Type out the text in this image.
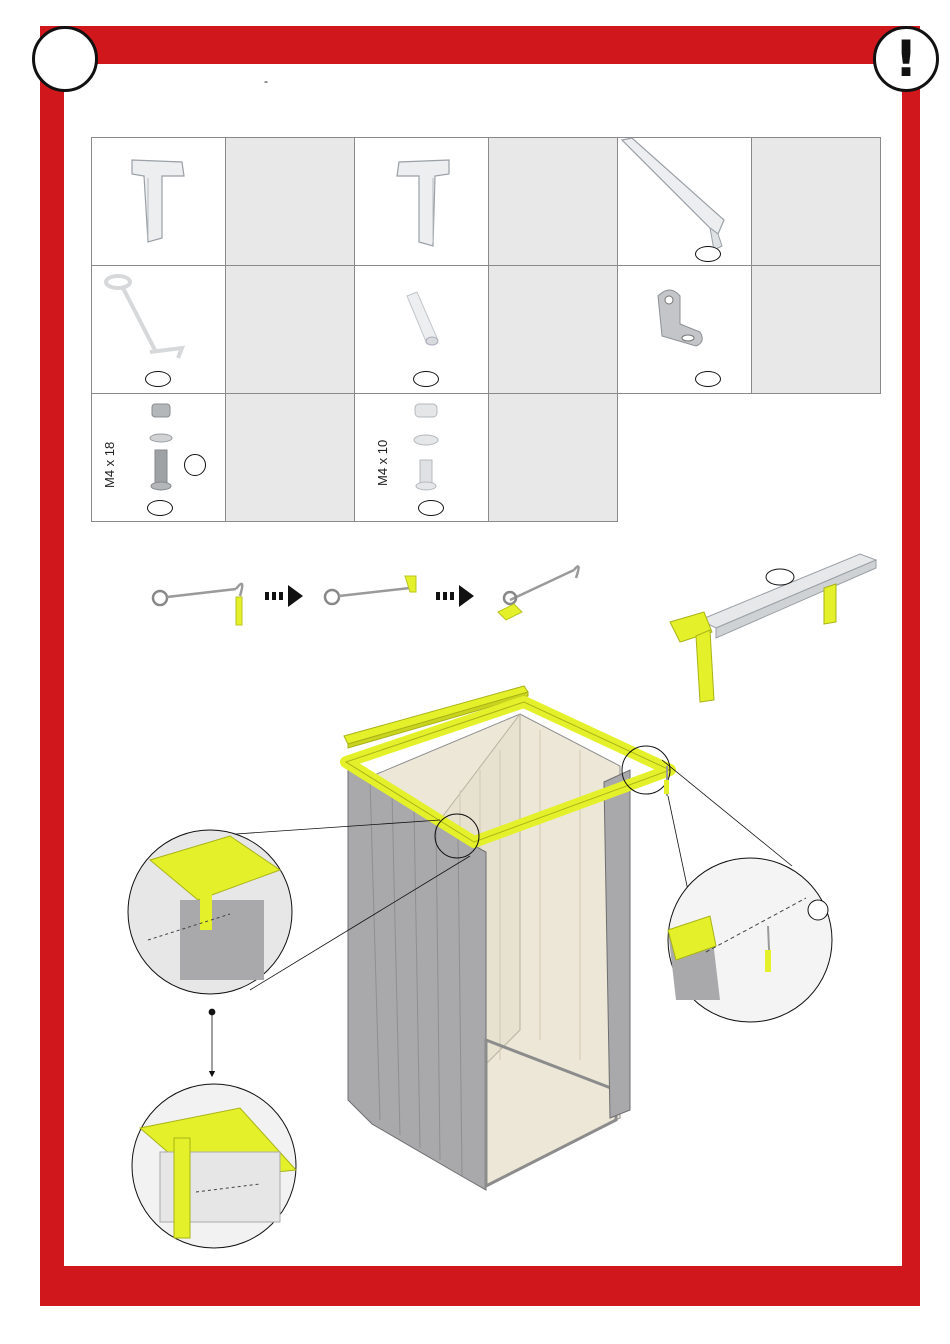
!
-

M4 x 18		M4 x 10			
